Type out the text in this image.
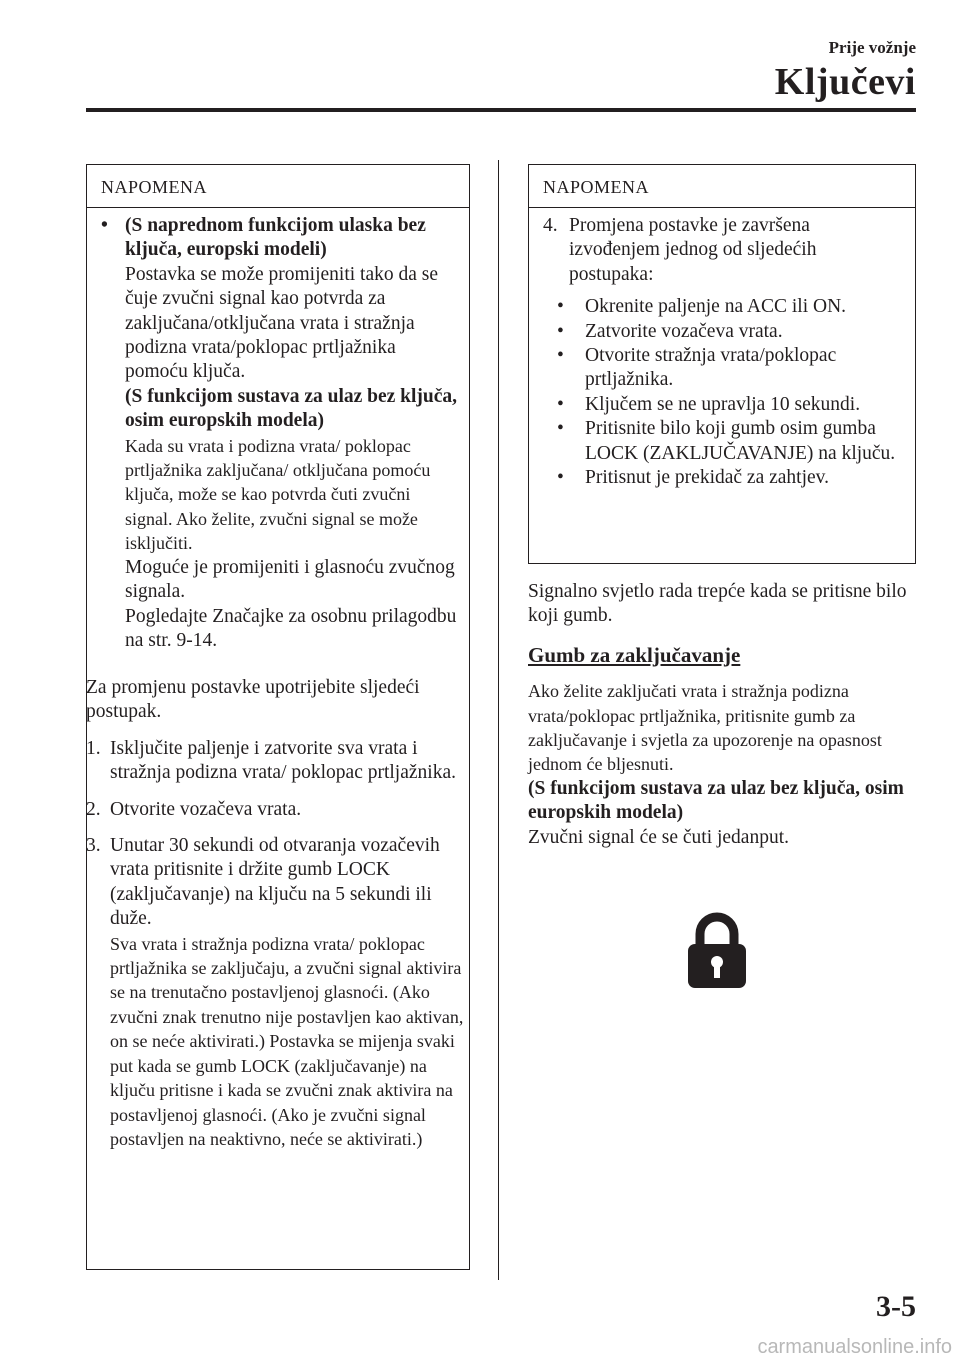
Prije vožnje
Ključevi
NAPOMENA
• (S naprednom funkcijom ulaska bez ključa, europski modeli)
Postavka se može promijeniti tako da se čuje zvučni signal kao potvrda za zaključana/otključana vrata i stražnja podizna vrata/poklopac prtljažnika pomoću ključa.
(S funkcijom sustava za ulaz bez ključa, osim europskih modela)
Kada su vrata i podizna vrata/ poklopac prtljažnika zaključana/ otključana pomoću ključa, može se kao potvrda čuti zvučni signal. Ako želite, zvučni signal se može isključiti.
Moguće je promijeniti i glasnoću zvučnog signala.
Pogledajte Značajke za osobnu prilagodbu na str. 9-14.

Za promjenu postavke upotrijebite sljedeći postupak.

1. Isključite paljenje i zatvorite sva vrata i stražnja podizna vrata/ poklopac prtljažnika.
2. Otvorite vozačeva vrata.
3. Unutar 30 sekundi od otvaranja vozačevih vrata pritisnite i držite gumb LOCK (zaključavanje) na ključu na 5 sekundi ili duže.
Sva vrata i stražnja podizna vrata/ poklopac prtljažnika se zaključaju, a zvučni signal aktivira se na trenutačno postavljenoj glasnoći. (Ako zvučni znak trenutno nije postavljen kao aktivan, on se neće aktivirati.) Postavka se mijenja svaki put kada se gumb LOCK (zaključavanje) na ključu pritisne i kada se zvučni znak aktivira na postavljenoj glasnoći. (Ako je zvučni signal postavljen na neaktivno, neće se aktivirati.)
NAPOMENA
4. Promjena postavke je završena izvođenjem jednog od sljedećih postupaka:
• Okrenite paljenje na ACC ili ON.
• Zatvorite vozačeva vrata.
• Otvorite stražnja vrata/poklopac prtljažnika.
• Ključem se ne upravlja 10 sekundi.
• Pritisnite bilo koji gumb osim gumba LOCK (ZAKLJUČAVANJE) na ključu.
• Pritisnut je prekidač za zahtjev.

Signalno svjetlo rada trepće kada se pritisne bilo koji gumb.

Gumb za zaključavanje

Ako želite zaključati vrata i stražnja podizna vrata/poklopac prtljažnika, pritisnite gumb za zaključavanje i svjetla za upozorenje na opasnost jednom će bljesnuti.

(S funkcijom sustava za ulaz bez ključa, osim europskih modela)

Zvučni signal će se čuti jedanput.

3-5
carmanualsonline.info
